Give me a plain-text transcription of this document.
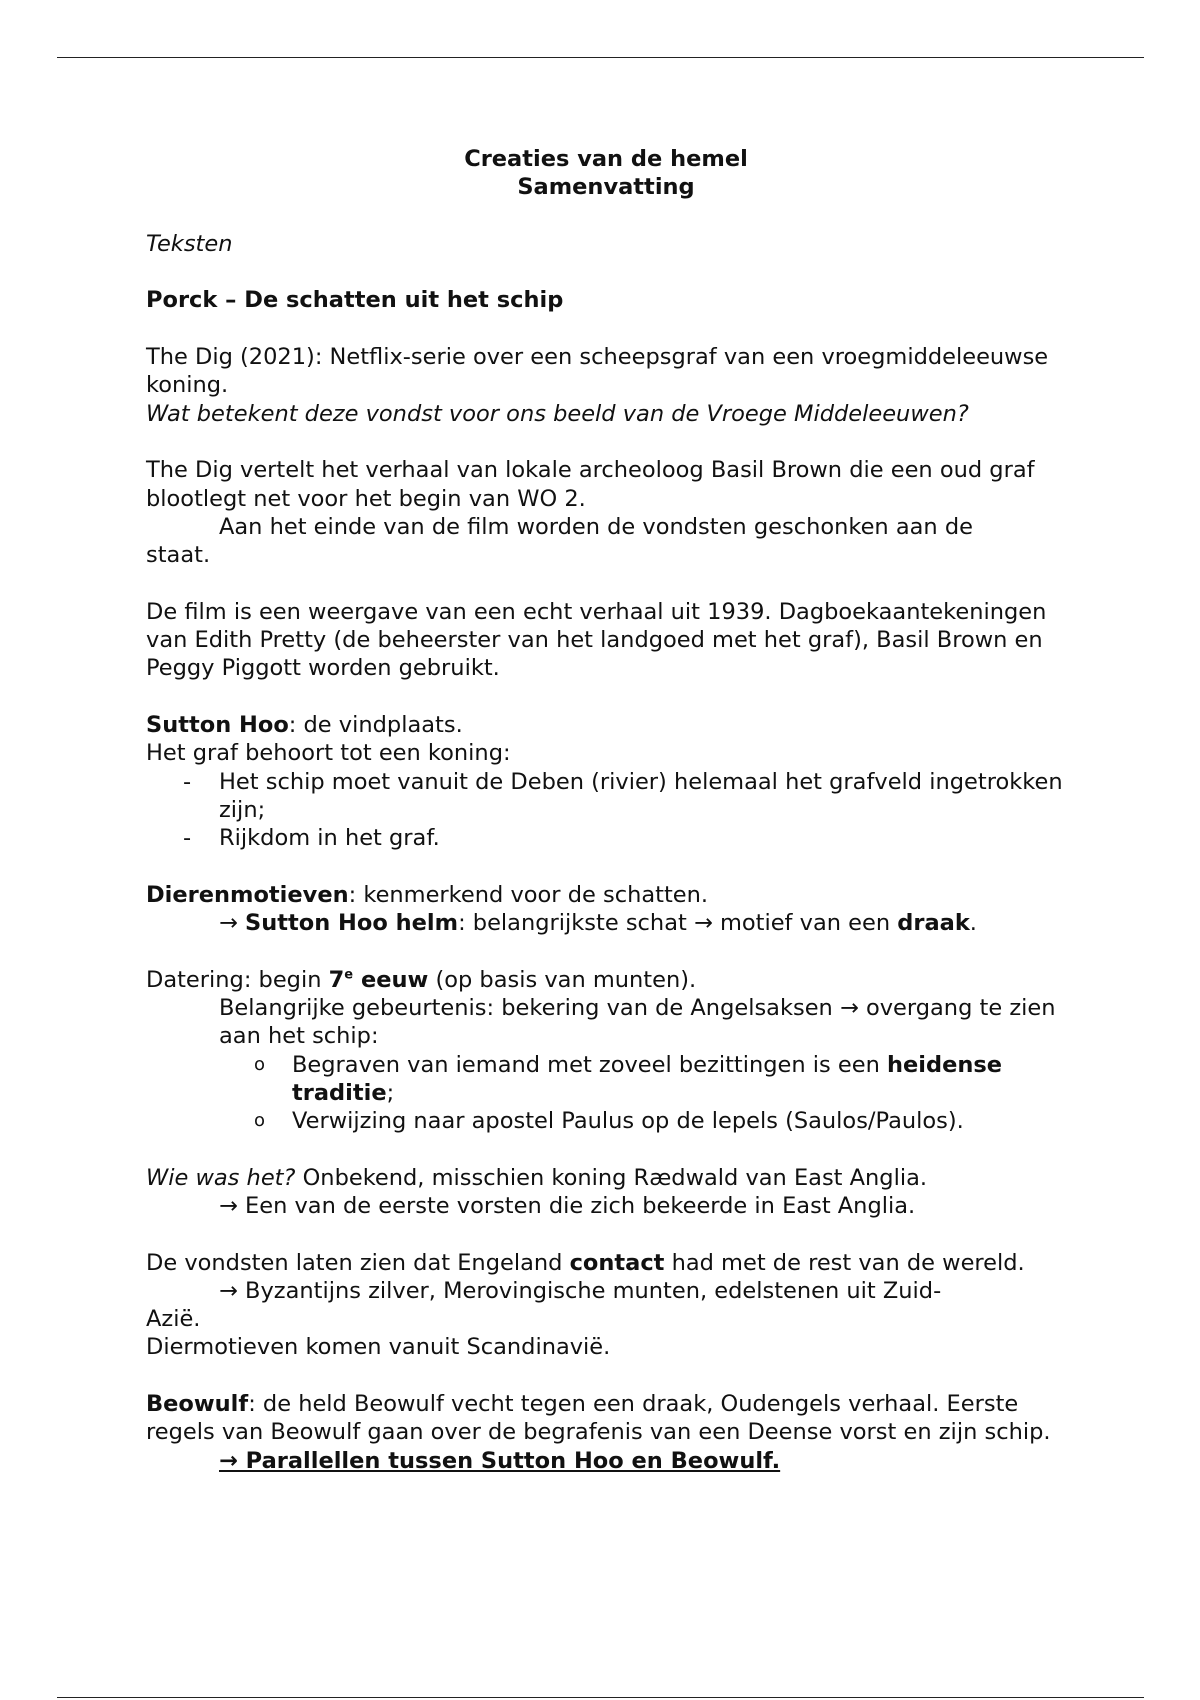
Creaties van de hemel

Samenvatting

Teksten

Porck – De schatten uit het schip

The Dig (2021): Netflix-serie over een scheepsgraf van een vroegmiddeleeuwse koning.

Wat betekent deze vondst voor ons beeld van de Vroege Middeleeuwen?

The Dig vertelt het verhaal van lokale archeoloog Basil Brown die een oud graf blootlegt net voor het begin van WO 2.

Aan het einde van de film worden de vondsten geschonken aan de

staat.

De film is een weergave van een echt verhaal uit 1939. Dagboekaantekeningen van Edith Pretty (de beheerster van het landgoed met het graf), Basil Brown en Peggy Piggott worden gebruikt.

Sutton Hoo: de vindplaats.

Het graf behoort tot een koning:

- Het schip moet vanuit de Deben (rivier) helemaal het grafveld ingetrokken zijn;

- Rijkdom in het graf.

Dierenmotieven: kenmerkend voor de schatten.

→ Sutton Hoo helm: belangrijkste schat → motief van een draak.

Datering: begin 7e eeuw (op basis van munten).

Belangrijke gebeurtenis: bekering van de Angelsaksen → overgang te zien aan het schip:

o Begraven van iemand met zoveel bezittingen is een heidense traditie;

o Verwijzing naar apostel Paulus op de lepels (Saulos/Paulos).

Wie was het? Onbekend, misschien koning Rædwald van East Anglia.

→ Een van de eerste vorsten die zich bekeerde in East Anglia.

De vondsten laten zien dat Engeland contact had met de rest van de wereld.

→ Byzantijns zilver, Merovingische munten, edelstenen uit Zuid-

Azië.

Diermotieven komen vanuit Scandinavië.

Beowulf: de held Beowulf vecht tegen een draak, Oudengels verhaal. Eerste regels van Beowulf gaan over de begrafenis van een Deense vorst en zijn schip.

→ Parallellen tussen Sutton Hoo en Beowulf.
